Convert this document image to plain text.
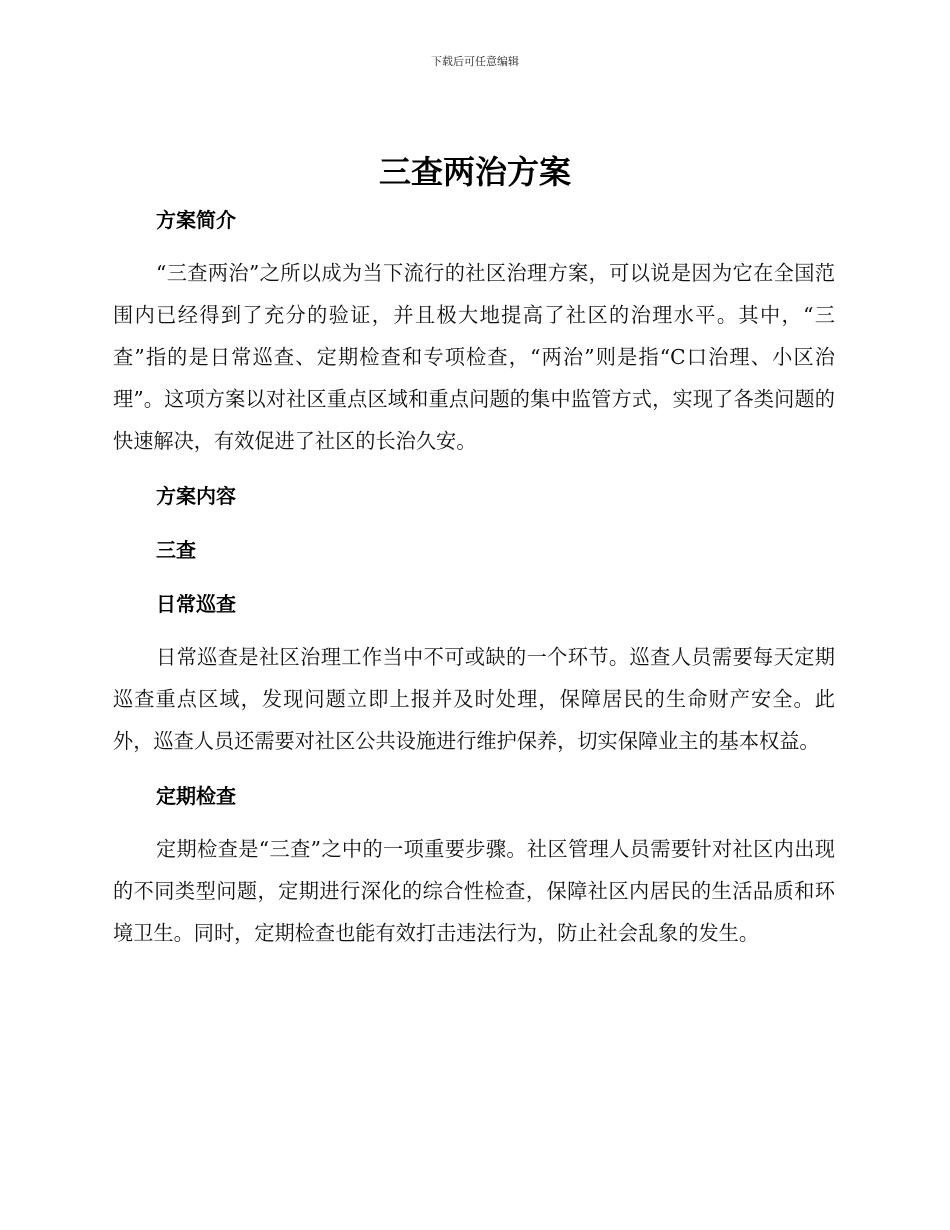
下载后可任意编辑
三查两治方案
方案简介

“三查两治”之所以成为当下流行的社区治理方案，可以说是因为它在全国范围内已经得到了充分的验证，并且极大地提高了社区的治理水平。其中，“三查”指的是日常巡查、定期检查和专项检查，“两治”则是指“C口治理、小区治理”。这项方案以对社区重点区域和重点问题的集中监管方式，实现了各类问题的快速解决，有效促进了社区的长治久安。

方案内容
三查
日常巡查

日常巡查是社区治理工作当中不可或缺的一个环节。巡查人员需要每天定期巡查重点区域，发现问题立即上报并及时处理，保障居民的生命财产安全。此外，巡查人员还需要对社区公共设施进行维护保养，切实保障业主的基本权益。

定期检查

定期检查是“三查”之中的一项重要步骤。社区管理人员需要针对社区内出现的不同类型问题，定期进行深化的综合性检查，保障社区内居民的生活品质和环境卫生。同时，定期检查也能有效打击违法行为，防止社会乱象的发生。
